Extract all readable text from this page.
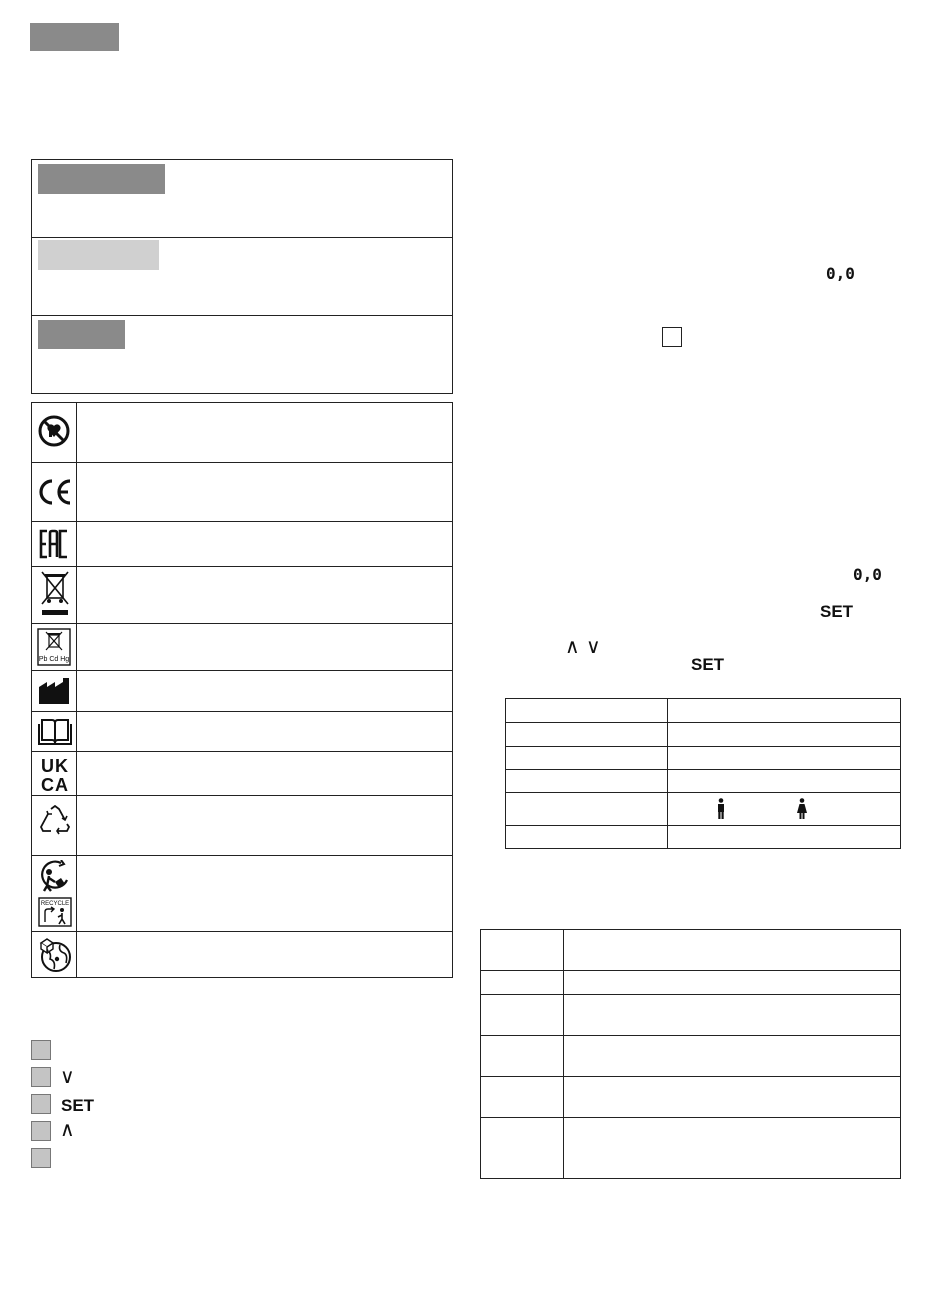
Pb Cd Hg
UK
CA
RECYCLE
∨
SET
∧
0,0
0,0
SET
∧ ∨
SET
